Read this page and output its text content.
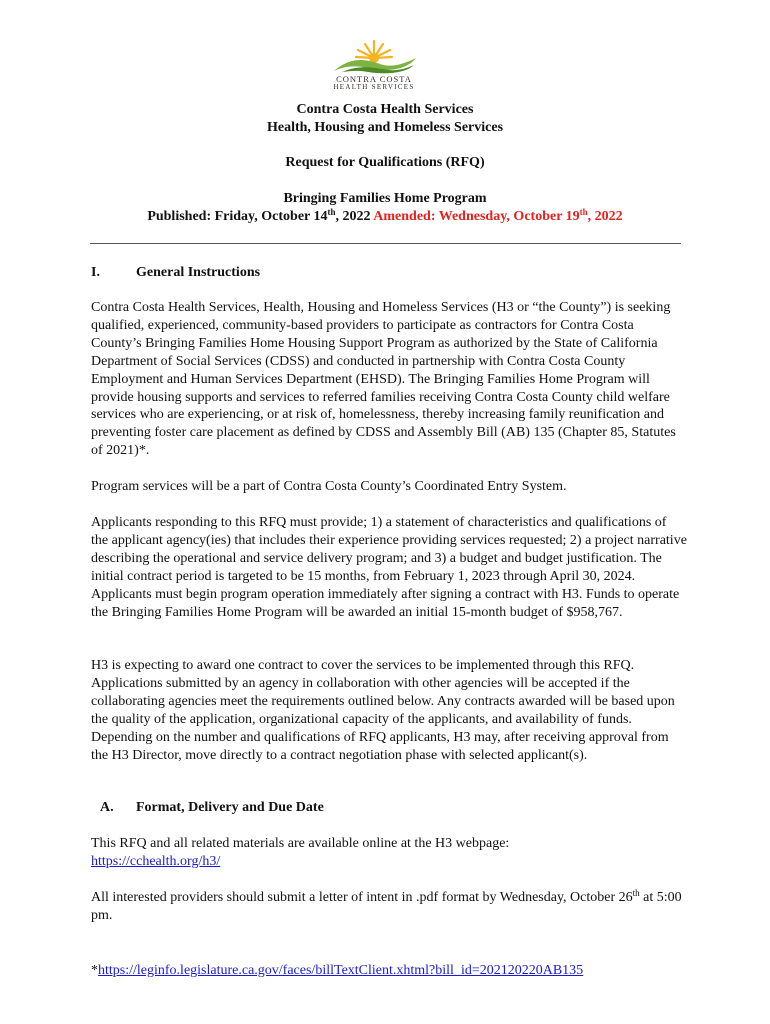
CONTRA COSTA
HEALTH SERVICES
Contra Costa Health Services
Health, Housing and Homeless Services
Request for Qualifications (RFQ)
Bringing Families Home Program
Published: Friday, October 14th, 2022 Amended: Wednesday, October 19th, 2022
I.	General Instructions
Contra Costa Health Services, Health, Housing and Homeless Services (H3 or “the County”) is seeking qualified, experienced, community-based providers to participate as contractors for Contra Costa County’s Bringing Families Home Housing Support Program as authorized by the State of California Department of Social Services (CDSS) and conducted in partnership with Contra Costa County Employment and Human Services Department (EHSD). The Bringing Families Home Program will provide housing supports and services to referred families receiving Contra Costa County child welfare services who are experiencing, or at risk of, homelessness, thereby increasing family reunification and preventing foster care placement as defined by CDSS and Assembly Bill (AB) 135 (Chapter 85, Statutes of 2021)*.
Program services will be a part of Contra Costa County’s Coordinated Entry System.
Applicants responding to this RFQ must provide; 1) a statement of characteristics and qualifications of the applicant agency(ies) that includes their experience providing services requested; 2) a project narrative describing the operational and service delivery program; and 3) a budget and budget justification. The initial contract period is targeted to be 15 months, from February 1, 2023 through April 30, 2024. Applicants must begin program operation immediately after signing a contract with H3. Funds to operate the Bringing Families Home Program will be awarded an initial 15-month budget of $958,767.
H3 is expecting to award one contract to cover the services to be implemented through this RFQ. Applications submitted by an agency in collaboration with other agencies will be accepted if the collaborating agencies meet the requirements outlined below. Any contracts awarded will be based upon the quality of the application, organizational capacity of the applicants, and availability of funds. Depending on the number and qualifications of RFQ applicants, H3 may, after receiving approval from the H3 Director, move directly to a contract negotiation phase with selected applicant(s).
A. Format, Delivery and Due Date
This RFQ and all related materials are available online at the H3 webpage:
https://cchealth.org/h3/
All interested providers should submit a letter of intent in .pdf format by Wednesday, October 26th at 5:00 pm.
*https://leginfo.legislature.ca.gov/faces/billTextClient.xhtml?bill_id=202120220AB135
